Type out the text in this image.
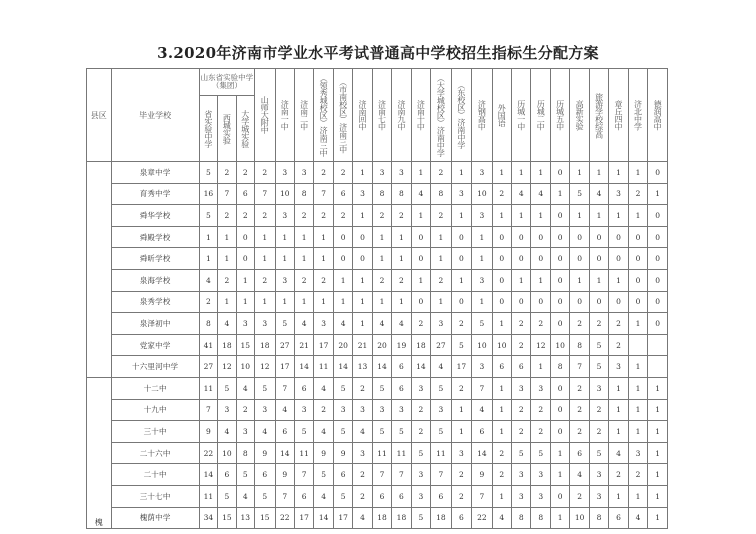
3.2020年济南市学业水平考试普通高中学校招生指标生分配方案
县区	毕业学校	山东省实验中学（集团）			山师大附中	济南一中	济南二中	（领秀城校区）济南三中	（市南校区）济南三中	济南回中	济南七中	济南九中	济南十中	（大学城校区）济南中学	（东校区）济南中学	济钢高中	外国语	历城一中	历城二中	历城五中	高新实验	旅游学校综高	章丘四中	济北中学	德润高中

		省实验中学	西城实验	大学城实验																					

	泉章中学	5	2	2	2	3	3	2	2	1	3	3	1	2	1	3	1	1	1	0	1	1	1	1	0
	育秀中学	16	7	6	7	10	8	7	6	3	8	8	4	8	3	10	2	4	4	1	5	4	3	2	1
	舜华学校	5	2	2	2	3	2	2	2	1	2	2	1	2	1	3	1	1	1	0	1	1	1	1	0
	舜殿学校	1	1	0	1	1	1	1	0	0	1	1	0	1	0	1	0	0	0	0	0	0	0	0	0
	舜昕学校	1	1	0	1	1	1	1	0	0	1	1	0	1	0	1	0	0	0	0	0	0	0	0	0
	泉海学校	4	2	1	2	3	2	2	1	1	2	2	1	2	1	3	0	1	1	0	1	1	1	0	0
	泉秀学校	2	1	1	1	1	1	1	1	1	1	1	0	1	0	1	0	0	0	0	0	0	0	0	0
	泉泽初中	8	4	3	3	5	4	3	4	1	4	4	2	3	2	5	1	2	2	0	2	2	2	1	0
	党家中学	41	18	15	18	27	21	17	20	21	20	19	18	27	5	10	10	2	12	10	8	5	2		
	十六里河中学	27	12	10	12	17	14	11	14	13	14	6	14	4	17	3	6	6	1	8	7	5	3	1	
槐	十二中	11	5	4	5	7	6	4	5	2	5	6	3	5	2	7	1	3	3	0	2	3	1	1	1
	十九中	7	3	2	3	4	3	2	3	3	3	3	2	3	1	4	1	2	2	0	2	2	1	1	1
	三十中	9	4	3	4	6	5	4	5	4	5	5	2	5	1	6	1	2	2	0	2	2	1	1	1
	二十六中	22	10	8	9	14	11	9	9	3	11	11	5	11	3	14	2	5	5	1	6	5	4	3	1
	二十中	14	6	5	6	9	7	5	6	2	7	7	3	7	2	9	2	3	3	1	4	3	2	2	1
	三十七中	11	5	4	5	7	6	4	5	2	6	6	3	6	2	7	1	3	3	0	2	3	1	1	1
	槐荫中学	34	15	13	15	22	17	14	17	4	18	18	5	18	6	22	4	8	8	1	10	8	6	4	1
